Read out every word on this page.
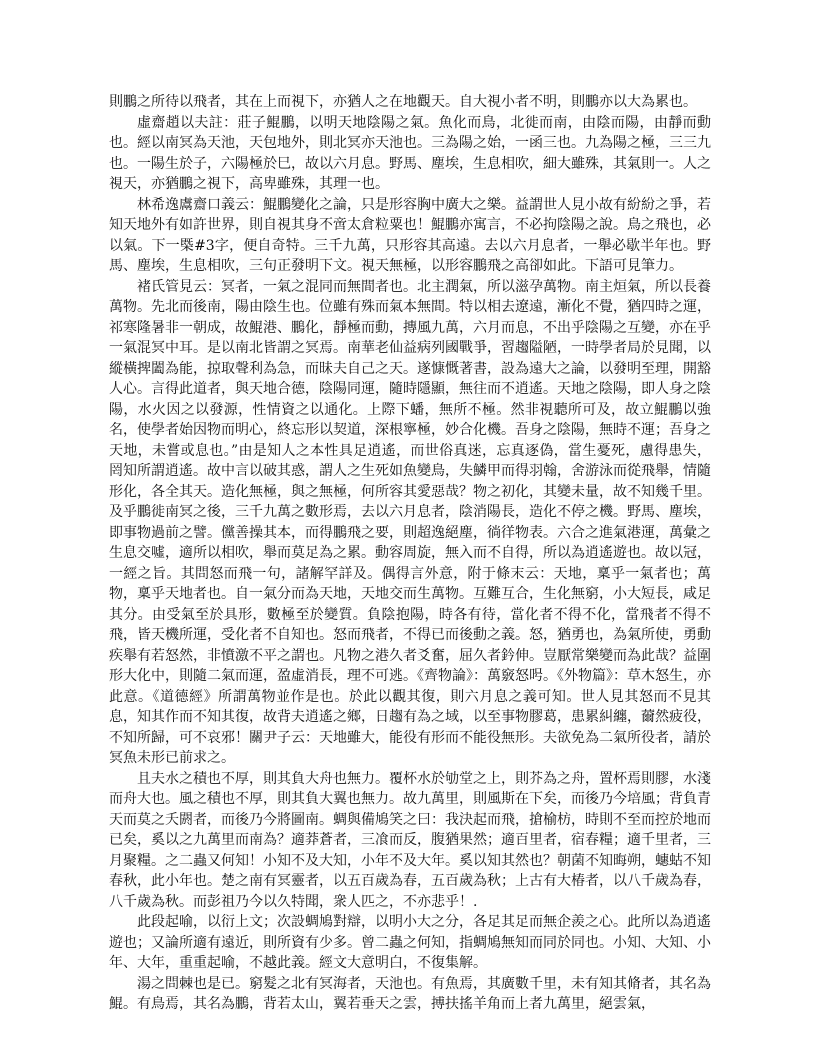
則鵬之所待以飛者，其在上而視下，亦猶人之在地觀天。自大視小者不明，則鵬亦以大為累也。

虛齋趙以夫註：莊子鯤鵬，以明天地陰陽之氣。魚化而鳥，北徙而南，由陰而陽，由靜而動也。經以南冥為天池，天包地外，則北冥亦天池也。三為陽之始，一函三也。九為陽之極，三三九也。一陽生於子，六陽極於巳，故以六月息。野馬、塵埃，生息相吹，細大雖殊，其氣則一。人之視天，亦猶鵬之視下，高卑雖殊，其理一也。

林希逸鬳齋口義云：鯤鵬變化之論，只是形容胸中廣大之樂。益謂世人見小故有紛紛之爭，若知天地外有如許世界，則自視其身不啻太倉粒粟也！鯤鵬亦寓言，不必拘陰陽之說。鳥之飛也，必以氣。下一㮣#3字，便自奇特。三千九萬，只形容其高遠。去以六月息者，一舉必歇半年也。野馬、塵埃，生息相吹，三句正發明下文。視天無極，以形容鵬飛之高卻如此。下語可見筆力。

褚氏管見云：冥者，一氣之混同而無間者也。北主潤氣，所以滋孕萬物。南主烜氣，所以長養萬物。先北而後南，陽由陰生也。位雖有殊而氣本無間。特以相去遼遠，漸化不覺，猶四時之運，祁寒隆暑非一朝成，故鯤港、鵬化，靜極而動，摶風九萬，六月而息，不出乎陰陽之互變，亦在乎一氣混冥中耳。是以南北皆謂之冥焉。南華老仙益病列國戰爭，習趨隘陋，一時學者局於見聞，以縱橫捭闔為能，掠取聲利為急，而昧夫自己之天。遂慷慨著書，設為遠大之論，以發明至理，開豁人心。言得此道者，與天地合德，陰陽同運，隨時隱顯，無往而不逍遙。天地之陰陽，即人身之陰陽，水火因之以發源，性情資之以通化。上際下蟠，無所不極。然非視聽所可及，故立鯤鵬以強名，使學者始因物而明心，終忘形以契道，深根寧極，妙合化機。吾身之陰陽，無時不運；吾身之天地，未嘗或息也。”由是知人之本性具足逍遙，而世俗真迷，忘真逐偽，當生憂死，慮得患失，罔知所謂逍遙。故中言以破其惑，謂人之生死如魚變鳥，失鱗甲而得羽翰，舍游泳而從飛舉，情隨形化，各全其天。造化無極，與之無極，何所容其愛惡哉？物之初化，其變未量，故不知幾千里。及乎鵬徙南冥之後，三千九萬之數形焉，去以六月息者，陰消陽長，造化不停之機。野馬、塵埃，即事物過前之譬。儻善操其本，而得鵬飛之要，則超逸絕塵，徜徉物表。六合之進氣港運，萬彙之生息交噓，適所以相吹，舉而莫足為之累。動容周旋，無入而不自得，所以為逍遙遊也。故以冠，一經之旨。其問怒而飛一句，諸解罕詳及。偶得言外意，附于條末云：天地，稟乎一氣者也；萬物，稟乎天地者也。自一氣分而為天地，天地交而生萬物。互難互合，生化無窮，小大短長，咸足其分。由受氣至於具形，數極至於變質。負陰抱陽，時各有待，當化者不得不化，當飛者不得不飛，皆天機所運，受化者不自知也。怒而飛者，不得已而後動之義。怒，猶勇也，為氣所使，勇動疾舉有若怒然，非憤激不平之謂也。凡物之港久者爻奮，屈久者鈐伸。豈厭常樂變而為此哉？益圍形大化中，則隨二氣而運，盈虛消長，理不可逃。《齊物論》：萬竅怒呺。《外物篇》：草木怒生，亦此意。《道德經》所謂萬物並作是也。於此以觀其復，則六月息之義可知。世人見其怒而不見其息，知其作而不知其復，故背夫逍遙之鄉，日趨有為之域，以至事物膠葛，患累糾纏，薾然疲役，不知所歸，可不哀邪！關尹子云：天地雖大，能役有形而不能役無形。夫欲免為二氣所役者，請於冥魚未形已前求之。

且夫水之積也不厚，則其負大舟也無力。覆杯水於劬堂之上，則芥為之舟，置杯焉則膠，水淺而舟大也。風之積也不厚，則其負大翼也無力。故九萬里，則風斯在下矣，而後乃今培風；背負青天而莫之夭閼者，而後乃今將圖南。蜩與備鳩笑之曰：我決起而飛，搶榆枋，時則不至而控於地而已矣，奚以之九萬里而南為？適莽蒼者，三飡而反，腹猶果然；適百里者，宿春糧；適千里者，三月聚糧。之二蟲又何知！小知不及大知，小年不及大年。奚以知其然也？朝菌不知晦朔，蟪蛄不知春秋，此小年也。楚之南有冥靈者，以五百歲為春，五百歲為秋；上古有大椿者，以八千歲為春，八千歲為秋。而彭祖乃今以久特聞，衆人匹之，不亦悲乎！.

此段起喻，以衍上文；次設蜩鳩對辯，以明小大之分，各足其足而無企羨之心。此所以為逍遙遊也；又論所適有遠近，則所資有少多。曾二蟲之何知，指蜩鳩無知而同於同也。小知、大知、小年、大年，重重起喻，不越此義。經文大意明白，不復集解。

湯之問棘也是已。窮髮之北有冥海者，天池也。有魚焉，其廣數千里，未有知其脩者，其名為鯤。有鳥焉，其名為鵬，背若太山，翼若垂天之雲，搏扶搖羊角而上者九萬里，絕雲氣，
